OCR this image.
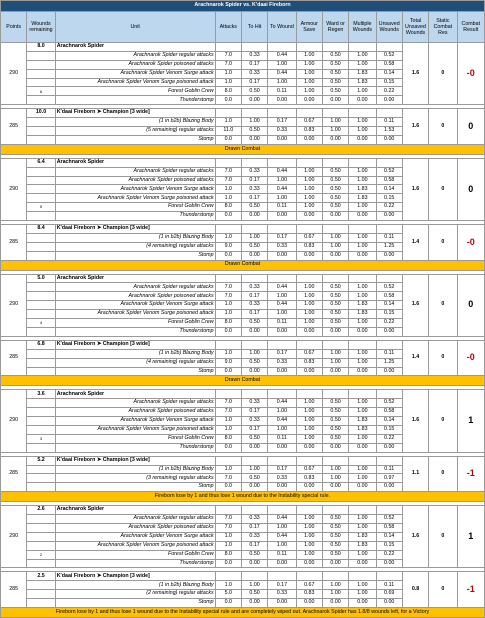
Arachnarok Spider vs. K'daai Fireborn												
Points	Wounds remaining	Unit	Attacks	To Hit	To Wound	Armour Save	Ward or Regen	Multiple Wounds	Unsaved Wounds	Total Unsaved Wounds	Static Combat Res	Combat Result
290	8.0	Arachnarok Spider								1.6	0	-0
		Arachnarok Spider regular attacks	7.0	0.33	0.44	1.00	0.50	1.00	0.52			
		Arachnarok Spider poisoned attacks	7.0	0.17	1.00	1.00	0.50	1.00	0.58			
		Arachnarok Spider Venom Surge attack	1.0	0.33	0.44	1.00	0.50	1.83	0.14			
		Arachnarok Spider Venom Surge poisoned attack	1.0	0.17	1.00	1.00	0.50	1.83	0.15			
	6	Forest Goblin Crew	8.0	0.50	0.11	1.00	0.50	1.00	0.22			
		Thunderstomp	0.0	0.00	0.00	0.00	0.00	0.00	0.00			

285	10.0	K'daai Fireborn ➤ Champion [3 wide]								1.6	0	0
		(1 in b2b) Blazing Body	1.0	1.00	0.17	0.67	1.00	1.00	0.11			
		(5 remaining) regular attacks	11.0	0.50	0.33	0.83	1.00	1.00	1.53			
		Stomp	0.0	0.00	0.00	0.00	0.00	0.00	0.00			
Drawn Combat												

290	6.4	Arachnarok Spider								1.6	0	0
		Arachnarok Spider regular attacks	7.0	0.33	0.44	1.00	0.50	1.00	0.52			
		Arachnarok Spider poisoned attacks	7.0	0.17	1.00	1.00	0.50	1.00	0.58			
		Arachnarok Spider Venom Surge attack	1.0	0.33	0.44	1.00	0.50	1.83	0.14			
		Arachnarok Spider Venom Surge poisoned attack	1.0	0.17	1.00	1.00	0.50	1.83	0.15			
	5	Forest Goblin Crew	8.0	0.50	0.11	1.00	0.50	1.00	0.22			
		Thunderstomp	0.0	0.00	0.00	0.00	0.00	0.00	0.00			

285	8.4	K'daai Fireborn ➤ Champion [3 wide]								1.4	0	-0
		(1 in b2b) Blazing Body	1.0	1.00	0.17	0.67	1.00	1.00	0.11			
		(4 remaining) regular attacks	9.0	0.50	0.33	0.83	1.00	1.00	1.25			
		Stomp	0.0	0.00	0.00	0.00	0.00	0.00	0.00			
Drawn Combat												

290	5.0	Arachnarok Spider								1.6	0	0
		Arachnarok Spider regular attacks	7.0	0.33	0.44	1.00	0.50	1.00	0.52			
		Arachnarok Spider poisoned attacks	7.0	0.17	1.00	1.00	0.50	1.00	0.58			
		Arachnarok Spider Venom Surge attack	1.0	0.33	0.44	1.00	0.50	1.83	0.14			
		Arachnarok Spider Venom Surge poisoned attack	1.0	0.17	1.00	1.00	0.50	1.83	0.15			
	4	Forest Goblin Crew	8.0	0.50	0.11	1.00	0.50	1.00	0.22			
		Thunderstomp	0.0	0.00	0.00	0.00	0.00	0.00	0.00			

285	6.8	K'daai Fireborn ➤ Champion [3 wide]								1.4	0	-0
		(1 in b2b) Blazing Body	1.0	1.00	0.17	0.67	1.00	1.00	0.11			
		(4 remaining) regular attacks	9.0	0.50	0.33	0.83	1.00	1.00	1.25			
		Stomp	0.0	0.00	0.00	0.00	0.00	0.00	0.00			
Drawn Combat												

290	3.6	Arachnarok Spider								1.6	0	1
		Arachnarok Spider regular attacks	7.0	0.33	0.44	1.00	0.50	1.00	0.52			
		Arachnarok Spider poisoned attacks	7.0	0.17	1.00	1.00	0.50	1.00	0.58			
		Arachnarok Spider Venom Surge attack	1.0	0.33	0.44	1.00	0.50	1.83	0.14			
		Arachnarok Spider Venom Surge poisoned attack	1.0	0.17	1.00	1.00	0.50	1.83	0.15			
	3	Forest Goblin Crew	8.0	0.50	0.11	1.00	0.50	1.00	0.22			
		Thunderstomp	0.0	0.00	0.00	0.00	0.00	0.00	0.00			

285	5.2	K'daai Fireborn ➤ Champion [3 wide]								1.1	0	-1
		(1 in b2b) Blazing Body	1.0	1.00	0.17	0.67	1.00	1.00	0.11			
		(3 remaining) regular attacks	7.0	0.50	0.33	0.83	1.00	1.00	0.97			
		Stomp	0.0	0.00	0.00	0.00	0.00	0.00	0.00			
Fireborn lose by 1 and thus lose 1 wound due to the Instability special rule.												

290	2.6	Arachnarok Spider								1.6	0	1
		Arachnarok Spider regular attacks	7.0	0.33	0.44	1.00	0.50	1.00	0.52			
		Arachnarok Spider poisoned attacks	7.0	0.17	1.00	1.00	0.50	1.00	0.58			
		Arachnarok Spider Venom Surge attack	1.0	0.33	0.44	1.00	0.50	1.83	0.14			
		Arachnarok Spider Venom Surge poisoned attack	1.0	0.17	1.00	1.00	0.50	1.83	0.15			
	2	Forest Goblin Crew	8.0	0.50	0.11	1.00	0.50	1.00	0.22			
		Thunderstomp	0.0	0.00	0.00	0.00	0.00	0.00	0.00			

285	2.5	K'daai Fireborn ➤ Champion [3 wide]								0.8	0	-1
		(1 in b2b) Blazing Body	1.0	1.00	0.17	0.67	1.00	1.00	0.11			
		(2 remaining) regular attacks	5.0	0.50	0.33	0.83	1.00	1.00	0.69			
		Stomp	0.0	0.00	0.00	0.00	0.00	0.00	0.00			
Fireborn lose by 1 and thus lose 1 wound due to the Instability special rule and are completely wiped out. Arachnarok Spider has 1.8/8 wounds left, for a Victory												
